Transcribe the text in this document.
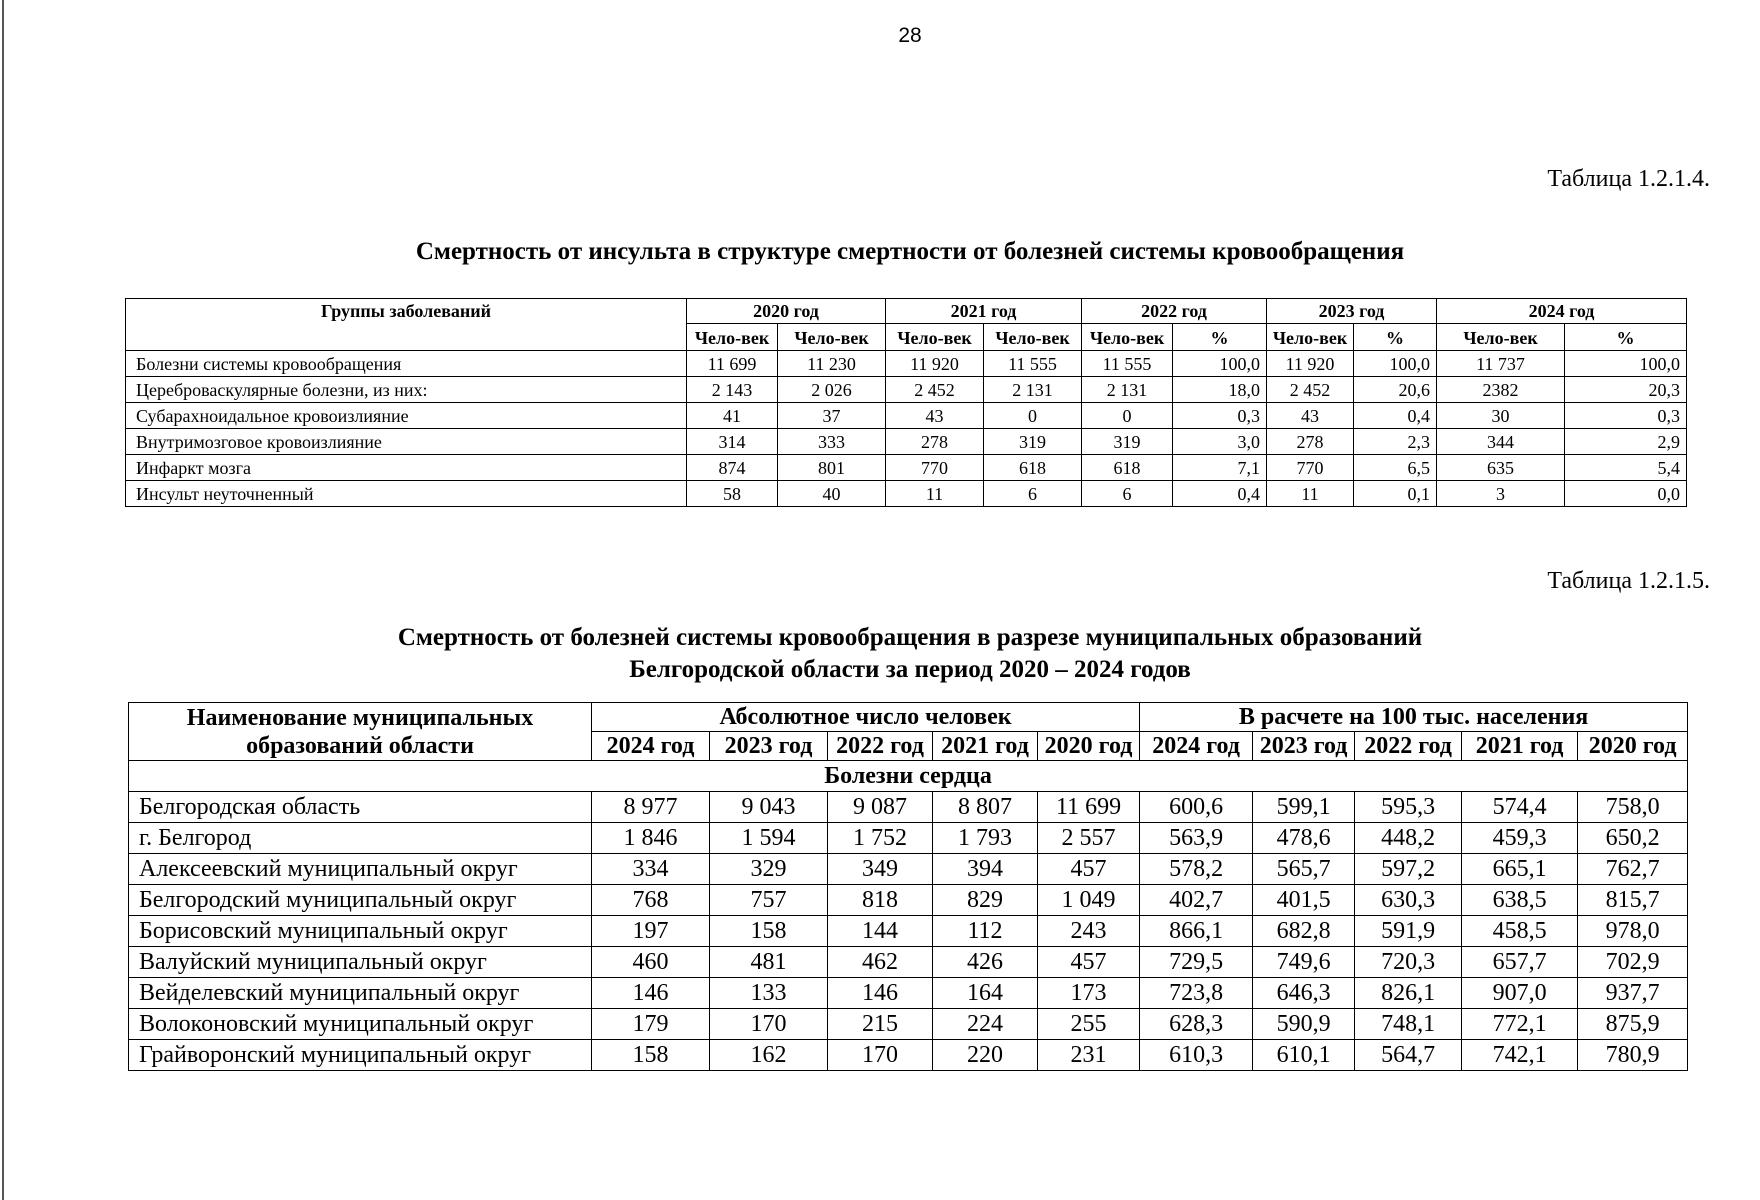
28
Таблица 1.2.1.4.
Смертность от инсульта в структуре смертности от болезней системы кровообращения
Группы заболеваний	2020 год		2021 год		2022 год		2023 год		2024 год	
	Чело-век	Чело-век	Чело-век	Чело-век	Чело-век	%	Чело-век	%	Чело-век	%
Болезни системы кровообращения	11 699	11 230	11 920	11 555	11 555	100,0	11 920	100,0	11 737	100,0
Цереброваскулярные болезни, из них:	2 143	2 026	2 452	2 131	2 131	18,0	2 452	20,6	2382	20,3
Субарахноидальное кровоизлияние	41	37	43	0	0	0,3	43	0,4	30	0,3
Внутримозговое кровоизлияние	314	333	278	319	319	3,0	278	2,3	344	2,9
Инфаркт мозга	874	801	770	618	618	7,1	770	6,5	635	5,4
Инсульт неуточненный	58	40	11	6	6	0,4	11	0,1	3	0,0
Таблица 1.2.1.5.
Смертность от болезней системы кровообращения в разрезе муниципальных образований
Белгородской области за период 2020 – 2024 годов
Наименование муниципальных образований области	Абсолютное число человек					В расчете на 100 тыс. населения				
	2024 год	2023 год	2022 год	2021 год	2020 год	2024 год	2023 год	2022 год	2021 год	2020 год
Болезни сердца										
Белгородская область	8 977	9 043	9 087	8 807	11 699	600,6	599,1	595,3	574,4	758,0
г. Белгород	1 846	1 594	1 752	1 793	2 557	563,9	478,6	448,2	459,3	650,2
Алексеевский муниципальный округ	334	329	349	394	457	578,2	565,7	597,2	665,1	762,7
Белгородский муниципальный округ	768	757	818	829	1 049	402,7	401,5	630,3	638,5	815,7
Борисовский муниципальный округ	197	158	144	112	243	866,1	682,8	591,9	458,5	978,0
Валуйский муниципальный округ	460	481	462	426	457	729,5	749,6	720,3	657,7	702,9
Вейделевский муниципальный округ	146	133	146	164	173	723,8	646,3	826,1	907,0	937,7
Волоконовский муниципальный округ	179	170	215	224	255	628,3	590,9	748,1	772,1	875,9
Грайворонский муниципальный округ	158	162	170	220	231	610,3	610,1	564,7	742,1	780,9
